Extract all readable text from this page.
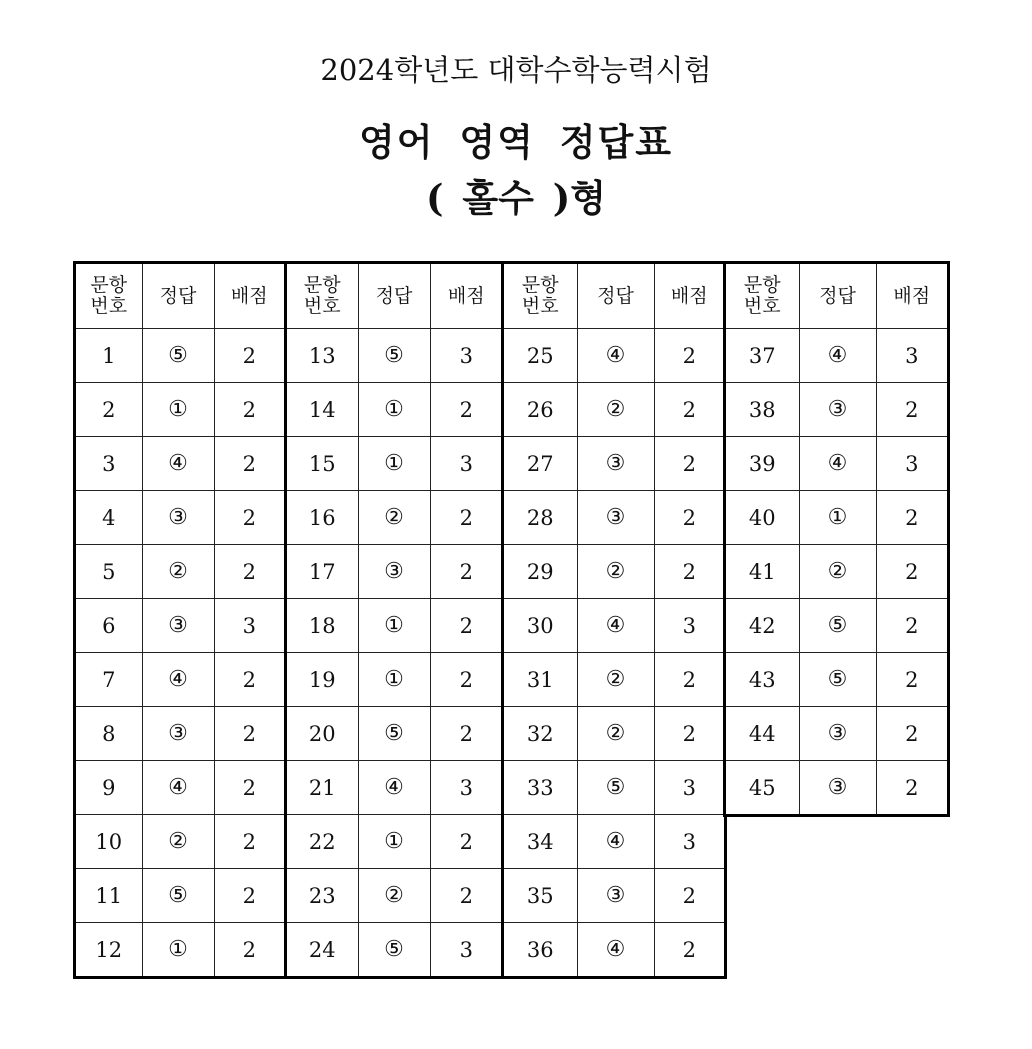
2024학년도 대학수학능력시험
영어 영역 정답표
( 홀수 )형
문항
번호	정답	배점
1	⑤	2
2	①	2
3	④	2
4	③	2
5	②	2
6	③	3
7	④	2
8	③	2
9	④	2
10	②	2
11	⑤	2
12	①	2
문항
번호	정답	배점
13	⑤	3
14	①	2
15	①	3
16	②	2
17	③	2
18	①	2
19	①	2
20	⑤	2
21	④	3
22	①	2
23	②	2
24	⑤	3
문항
번호	정답	배점
25	④	2
26	②	2
27	③	2
28	③	2
29	②	2
30	④	3
31	②	2
32	②	2
33	⑤	3
34	④	3
35	③	2
36	④	2
문항
번호	정답	배점
37	④	3
38	③	2
39	④	3
40	①	2
41	②	2
42	⑤	2
43	⑤	2
44	③	2
45	③	2
